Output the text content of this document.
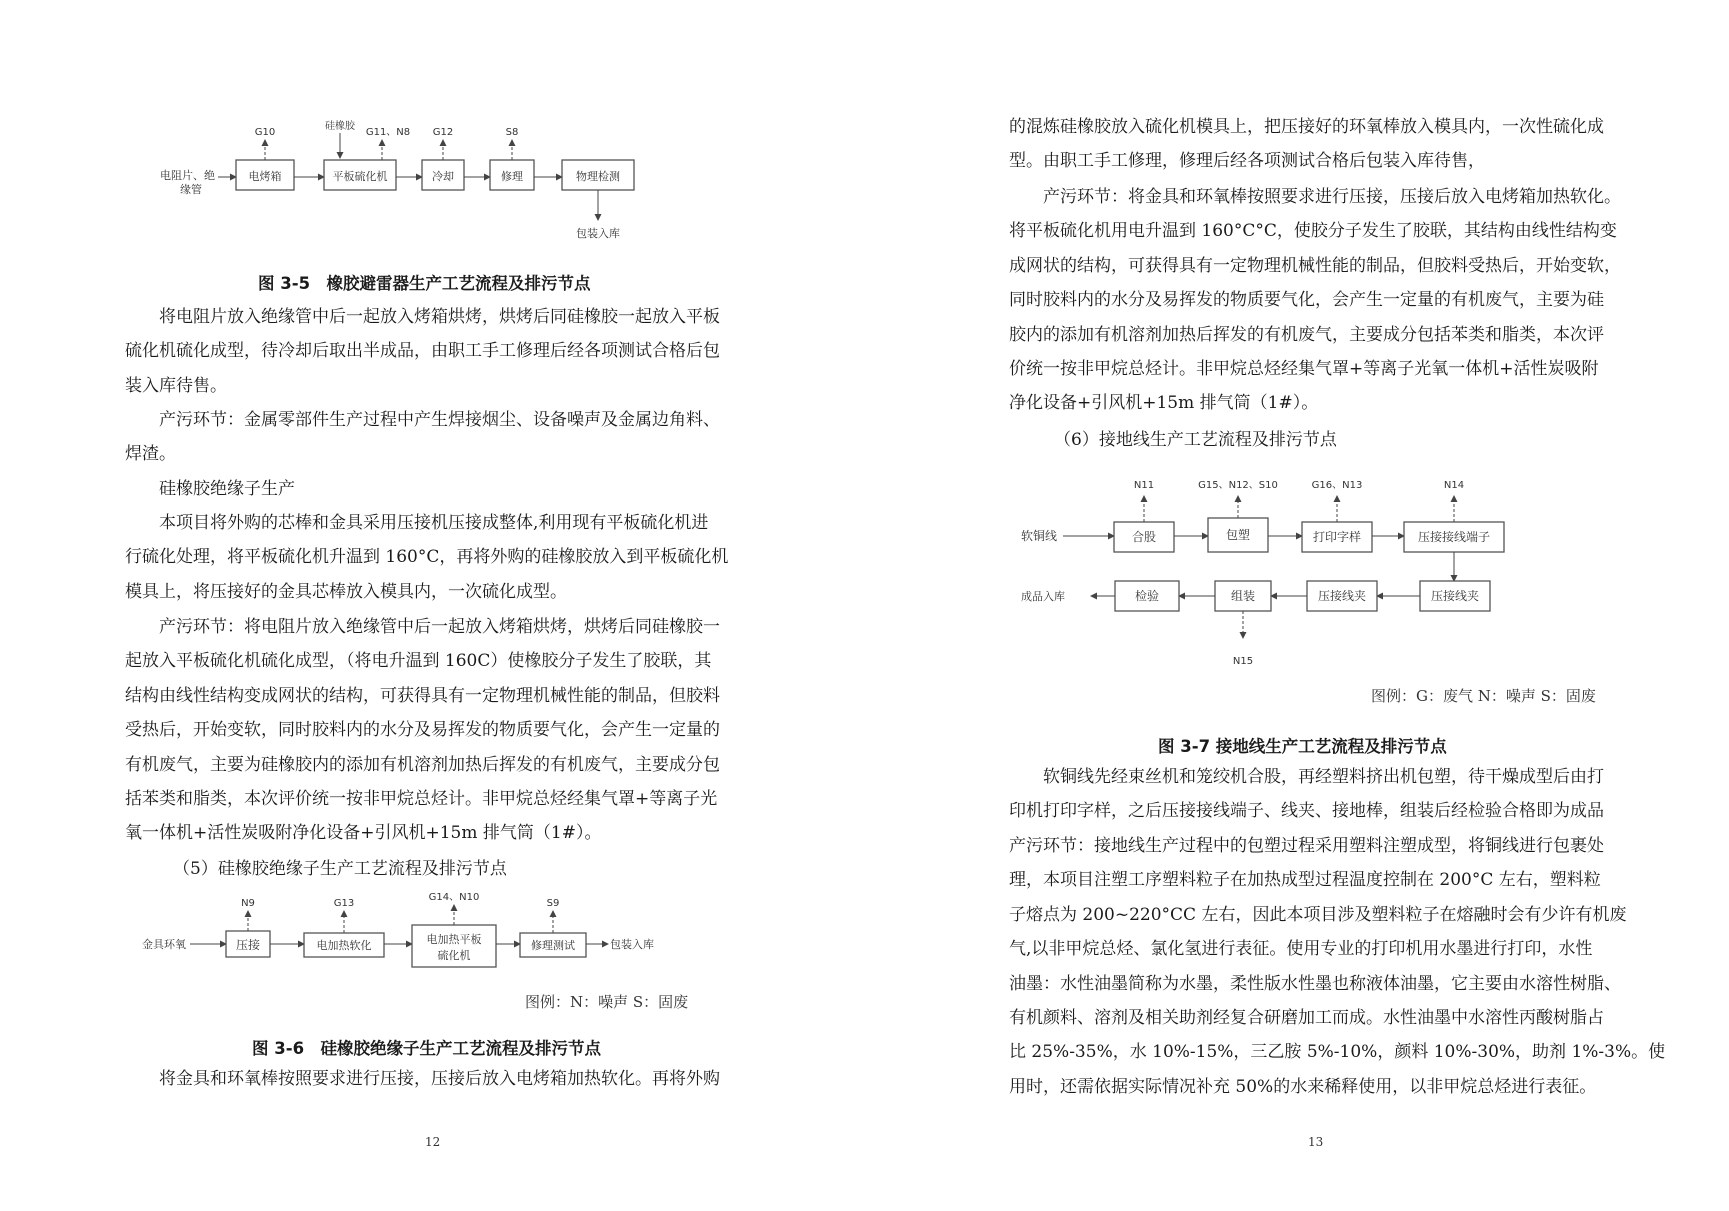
电阻片、绝
缘管
电烤箱	平板硫化机	冷却	修理	物理检测
G10
硅橡胶
G11、N8 G12	S8
包装入库
图 3-5　橡胶避雷器生产工艺流程及排污节点
将电阻片放入绝缘管中后一起放入烤箱烘烤，烘烤后同硅橡胶一起放入平板
硫化机硫化成型，待冷却后取出半成品，由职工手工修理后经各项测试合格后包
装入库待售。
产污环节：金属零部件生产过程中产生焊接烟尘、设备噪声及金属边角料、
焊渣。
硅橡胶绝缘子生产
本项目将外购的芯棒和金具采用压接机压接成整体,利用现有平板硫化机进
行硫化处理，将平板硫化机升温到 160°C，再将外购的硅橡胶放入到平板硫化机
模具上，将压接好的金具芯棒放入模具内，一次硫化成型。
产污环节：将电阻片放入绝缘管中后一起放入烤箱烘烤，烘烤后同硅橡胶一
起放入平板硫化机硫化成型，（将电升温到 160C）使橡胶分子发生了胶联，其
结构由线性结构变成网状的结构，可获得具有一定物理机械性能的制品，但胶料
受热后，开始变软，同时胶料内的水分及易挥发的物质要气化，会产生一定量的
有机废气，主要为硅橡胶内的添加有机溶剂加热后挥发的有机废气，主要成分包
括苯类和脂类，本次评价统一按非甲烷总烃计。非甲烷总烃经集气罩+等离子光
氧一体机+活性炭吸附净化设备+引风机+15m 排气筒（1#）。
（5）硅橡胶绝缘子生产工艺流程及排污节点
金具环氧	压接	电加热软化	电加热平板
硫化机
修理测试	包装入库
N9	G13
G14、N10
S9
图例：N：噪声 S：固废
图 3-6　硅橡胶绝缘子生产工艺流程及排污节点
将金具和环氧棒按照要求进行压接，压接后放入电烤箱加热软化。再将外购
12
的混炼硅橡胶放入硫化机模具上，把压接好的环氧棒放入模具内，一次性硫化成
型。由职工手工修理，修理后经各项测试合格后包装入库待售，
产污环节：将金具和环氧棒按照要求进行压接，压接后放入电烤箱加热软化。
将平板硫化机用电升温到 160°C°C，使胶分子发生了胶联，其结构由线性结构变
成网状的结构，可获得具有一定物理机械性能的制品，但胶料受热后，开始变软，
同时胶料内的水分及易挥发的物质要气化，会产生一定量的有机废气，主要为硅
胶内的添加有机溶剂加热后挥发的有机废气，主要成分包括苯类和脂类，本次评
价统一按非甲烷总烃计。非甲烷总烃经集气罩+等离子光氧一体机+活性炭吸附
净化设备+引风机+15m 排气筒（1#）。
（6）接地线生产工艺流程及排污节点
软铜线	合股	包塑	打印字样	压接接线端子
压接线夹
压接线夹
组装
检验
成品入库
N11	G15、N12、S10	G16、N13	N14
N15
图例：G：废气 N：噪声 S：固废
图 3-7 接地线生产工艺流程及排污节点
软铜线先经束丝机和笼绞机合股，再经塑料挤出机包塑，待干燥成型后由打
印机打印字样，之后压接接线端子、线夹、接地棒，组装后经检验合格即为成品
产污环节：接地线生产过程中的包塑过程采用塑料注塑成型，将铜线进行包裹处
理，本项目注塑工序塑料粒子在加热成型过程温度控制在 200°C 左右，塑料粒
子熔点为 200~220°CC 左右，因此本项目涉及塑料粒子在熔融时会有少许有机废
气,以非甲烷总烃、氯化氢进行表征。使用专业的打印机用水墨进行打印，水性
油墨：水性油墨简称为水墨，柔性版水性墨也称液体油墨，它主要由水溶性树脂、
有机颜料、溶剂及相关助剂经复合研磨加工而成。水性油墨中水溶性丙酸树脂占
比 25%-35%，水 10%-15%，三乙胺 5%-10%，颜料 10%-30%，助剂 1%-3%。使
用时，还需依据实际情况补充 50%的水来稀释使用，以非甲烷总烃进行表征。
13
